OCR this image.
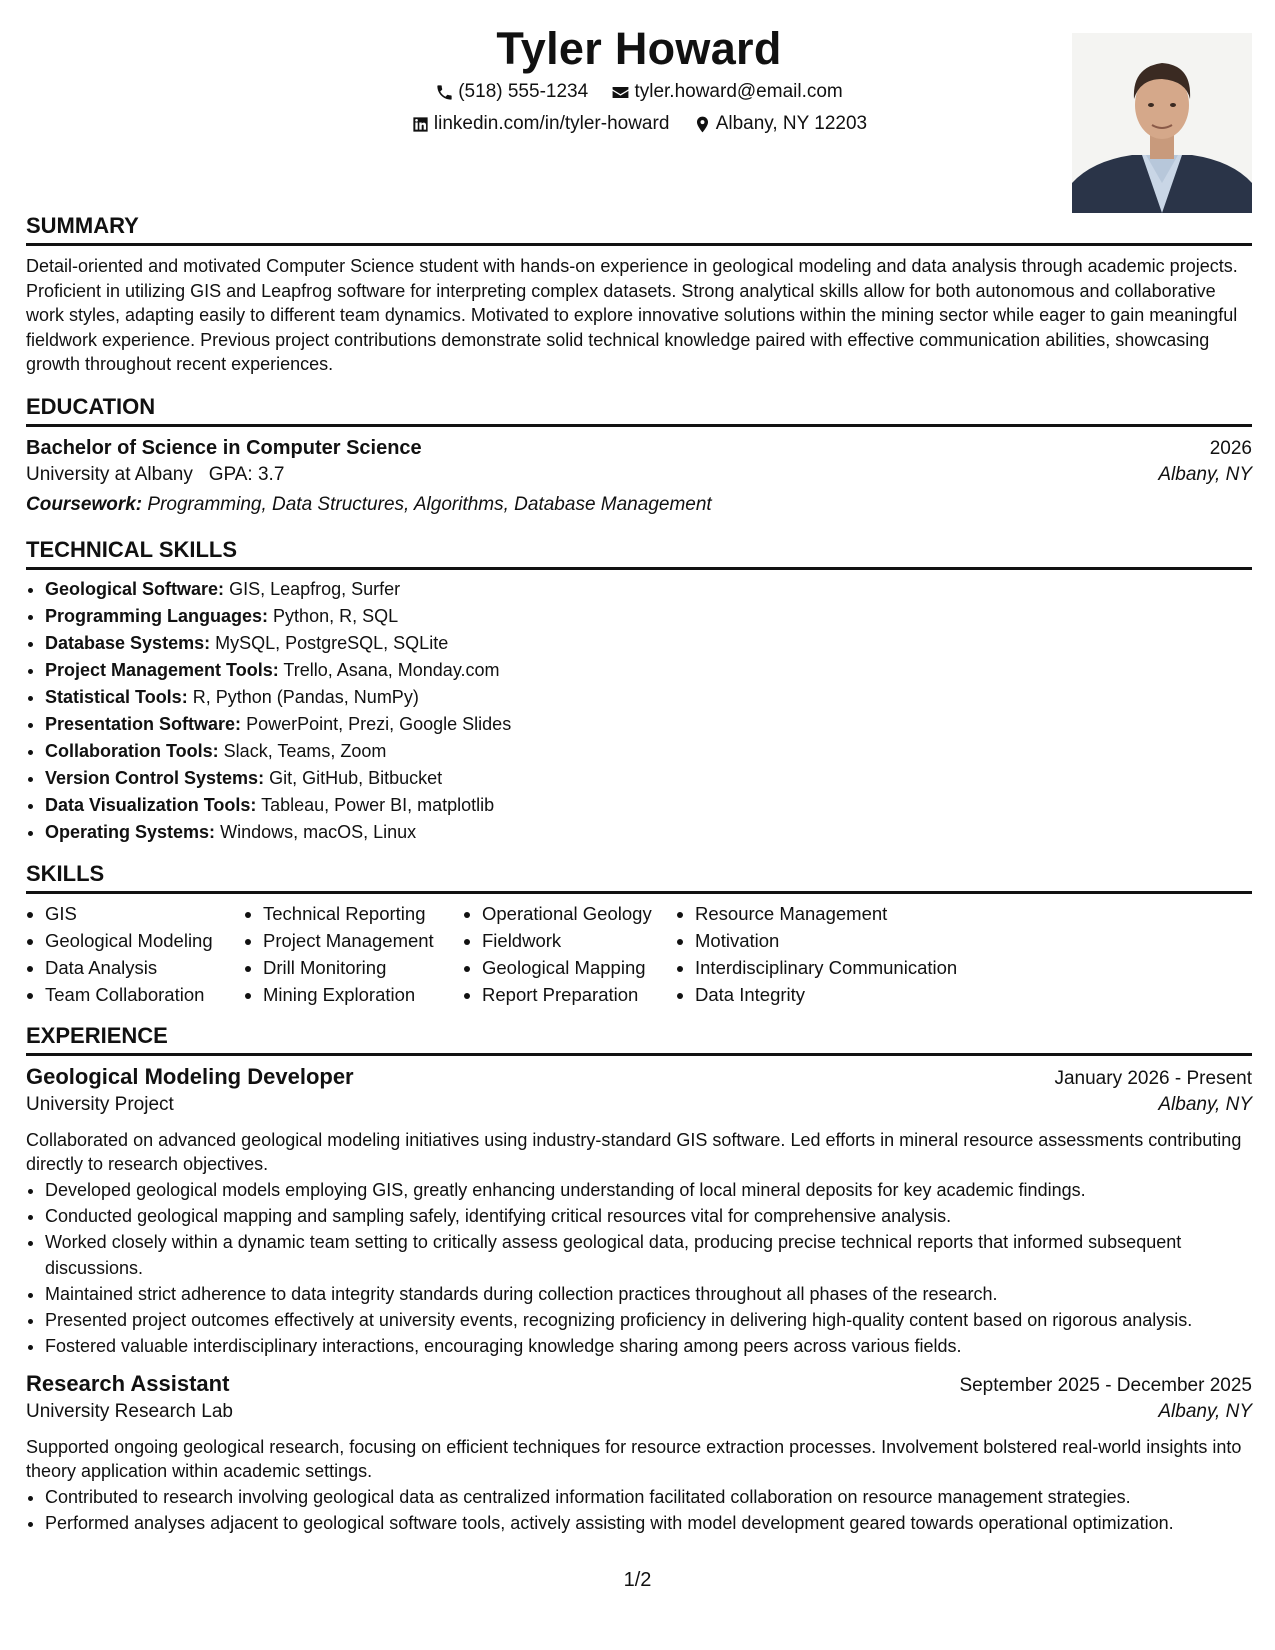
Tyler Howard
(518) 555-1234
tyler.howard@email.com
linkedin.com/in/tyler-howard
Albany, NY 12203
SUMMARY

Detail-oriented and motivated Computer Science student with hands-on experience in geological modeling and data analysis through academic projects. Proficient in utilizing GIS and Leapfrog software for interpreting complex datasets. Strong analytical skills allow for both autonomous and collaborative work styles, adapting easily to different team dynamics. Motivated to explore innovative solutions within the mining sector while eager to gain meaningful fieldwork experience. Previous project contributions demonstrate solid technical knowledge paired with effective communication abilities, showcasing growth throughout recent experiences.

EDUCATION
Bachelor of Science in Computer Science	2026
University at Albany GPA: 3.7	Albany, NY
Coursework: Programming, Data Structures, Algorithms, Database Management
TECHNICAL SKILLS
• Geological Software: GIS, Leapfrog, Surfer
• Programming Languages: Python, R, SQL
• Database Systems: MySQL, PostgreSQL, SQLite
• Project Management Tools: Trello, Asana, Monday.com
• Statistical Tools: R, Python (Pandas, NumPy)
• Presentation Software: PowerPoint, Prezi, Google Slides
• Collaboration Tools: Slack, Teams, Zoom
• Version Control Systems: Git, GitHub, Bitbucket
• Data Visualization Tools: Tableau, Power BI, matplotlib
• Operating Systems: Windows, macOS, Linux
SKILLS
• GIS
• Geological Modeling
• Data Analysis
• Team Collaboration
• Technical Reporting
• Project Management
• Drill Monitoring
• Mining Exploration
• Operational Geology
• Fieldwork
• Geological Mapping
• Report Preparation
• Resource Management
• Motivation
• Interdisciplinary Communication
• Data Integrity
EXPERIENCE
Geological Modeling Developer	January 2026 - Present
University Project	Albany, NY

Collaborated on advanced geological modeling initiatives using industry-standard GIS software. Led efforts in mineral resource assessments contributing directly to research objectives.

• Developed geological models employing GIS, greatly enhancing understanding of local mineral deposits for key academic findings.
• Conducted geological mapping and sampling safely, identifying critical resources vital for comprehensive analysis.
• Worked closely within a dynamic team setting to critically assess geological data, producing precise technical reports that informed subsequent discussions.
• Maintained strict adherence to data integrity standards during collection practices throughout all phases of the research.
• Presented project outcomes effectively at university events, recognizing proficiency in delivering high-quality content based on rigorous analysis.
• Fostered valuable interdisciplinary interactions, encouraging knowledge sharing among peers across various fields.
Research Assistant	September 2025 - December 2025
University Research Lab	Albany, NY

Supported ongoing geological research, focusing on efficient techniques for resource extraction processes. Involvement bolstered real-world insights into theory application within academic settings.

• Contributed to research involving geological data as centralized information facilitated collaboration on resource management strategies.
• Performed analyses adjacent to geological software tools, actively assisting with model development geared towards operational optimization.
1/2
